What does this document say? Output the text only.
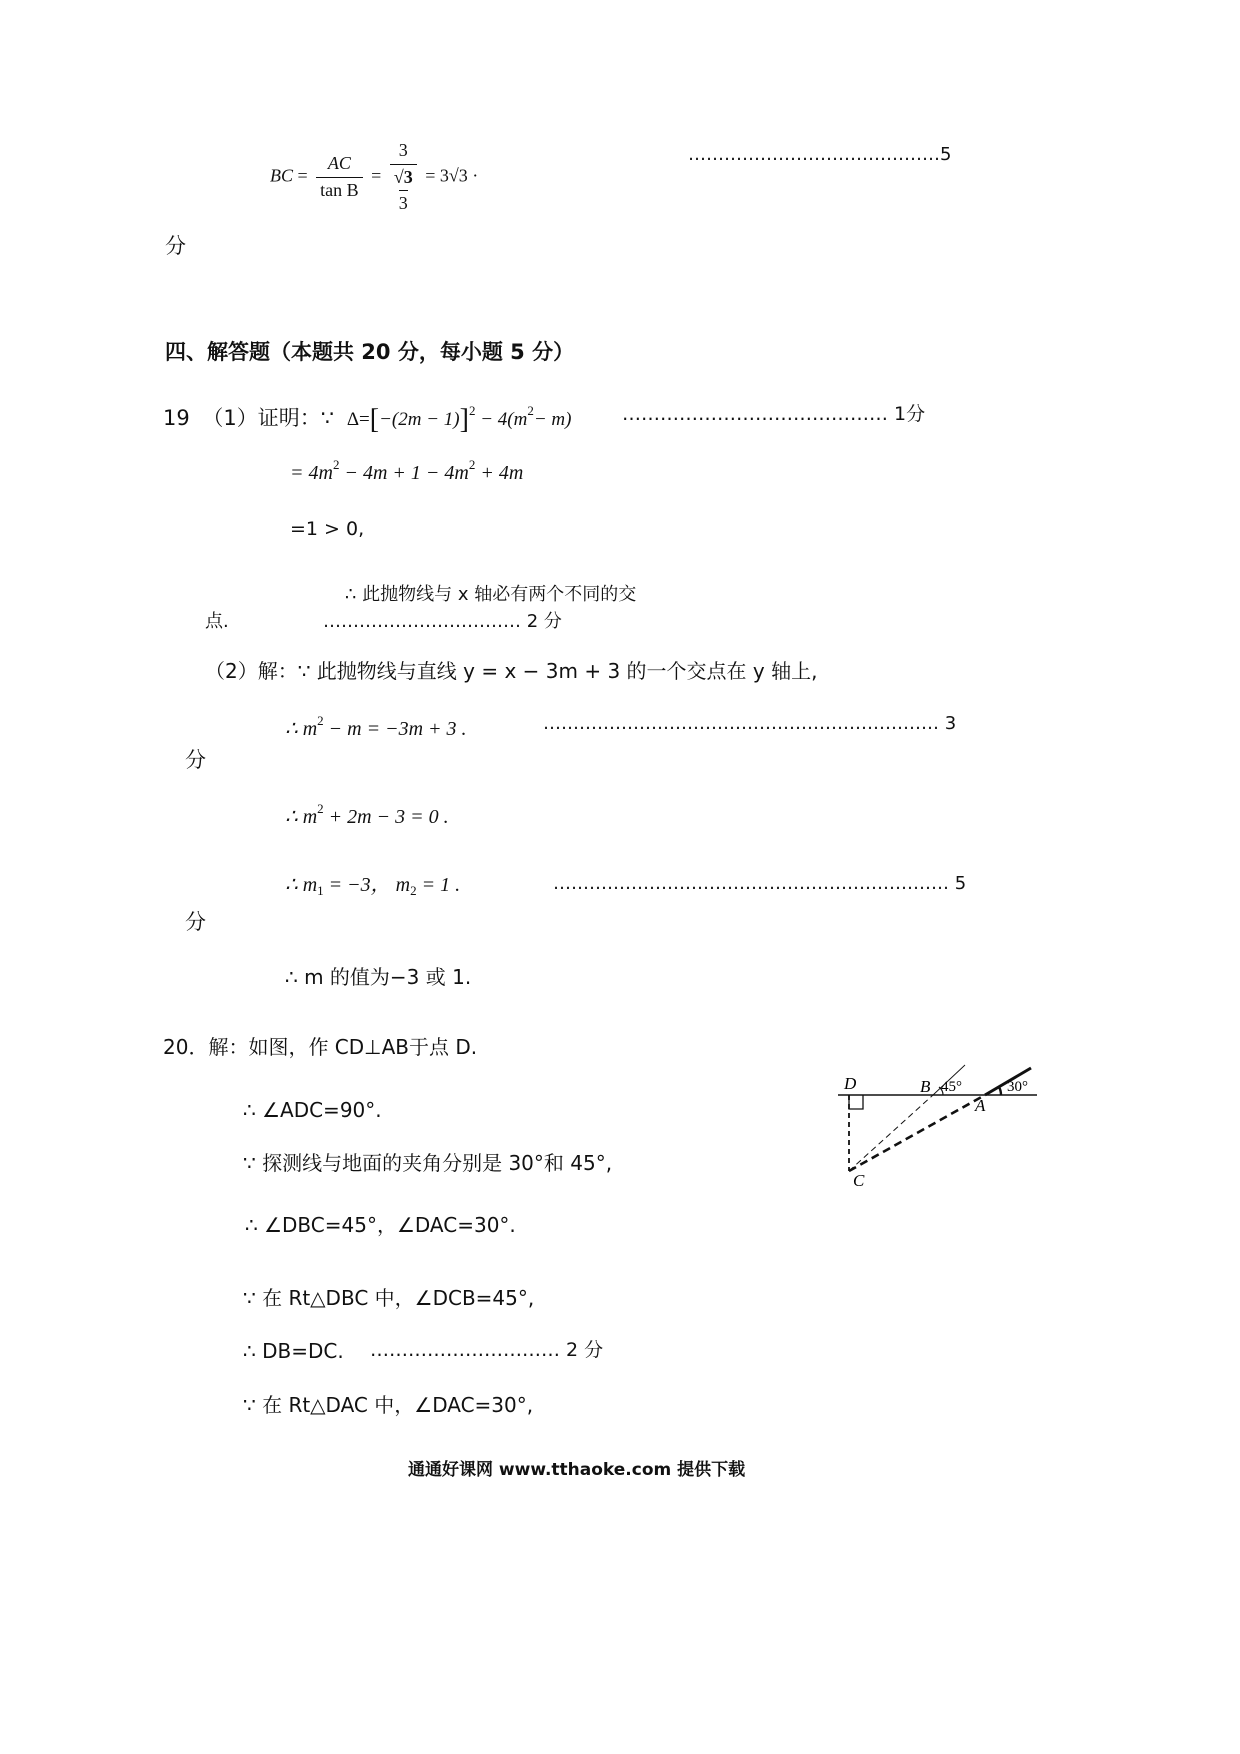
BC = $\frac{AC}{\text{tan B}} = 3$
√3
3 = 3√3 ·
……………………………………5
分
四、解答题（本题共 20 分，每小题 5 分）
19 （1）证明：∵ $\Delta=[-(2m - 1)]^2 - 4(m^2- m)$	…………………………………… 1分
= $4m^2 - 4m + 1 - 4m^2 + 4m$
=1 > 0,
∴ 此抛物线与 x 轴必有两个不同的交
点.	…………………………… 2 分
（2）解：∵ 此抛物线与直线 y = x − 3m + 3 的一个交点在 y 轴上,
∴ $m^2 - m = -3m + 3$ .	………………………………………………………… 3
分
∴ $m^2 + 2m - 3 = 0$ .
∴ $m_1 = -3$， $m_2 = 1$ .	………………………………………………………… 5
分
∴ m 的值为−3 或 1.
20．解：如图，作 CD⊥AB于点 D.
∴ ∠ADC=90°.
∵ 探测线与地面的夹角分别是 30°和 45°,
∴ ∠DBC=45°，∠DAC=30°.
∵ 在 Rt△DBC 中，∠DCB=45°,
∴ DB=DC. ………………………… 2 分
∵ 在 Rt△DAC 中，∠DAC=30°,
D	B 45°
A
30°
C
通通好课网 www.tthaoke.com 提供下载
